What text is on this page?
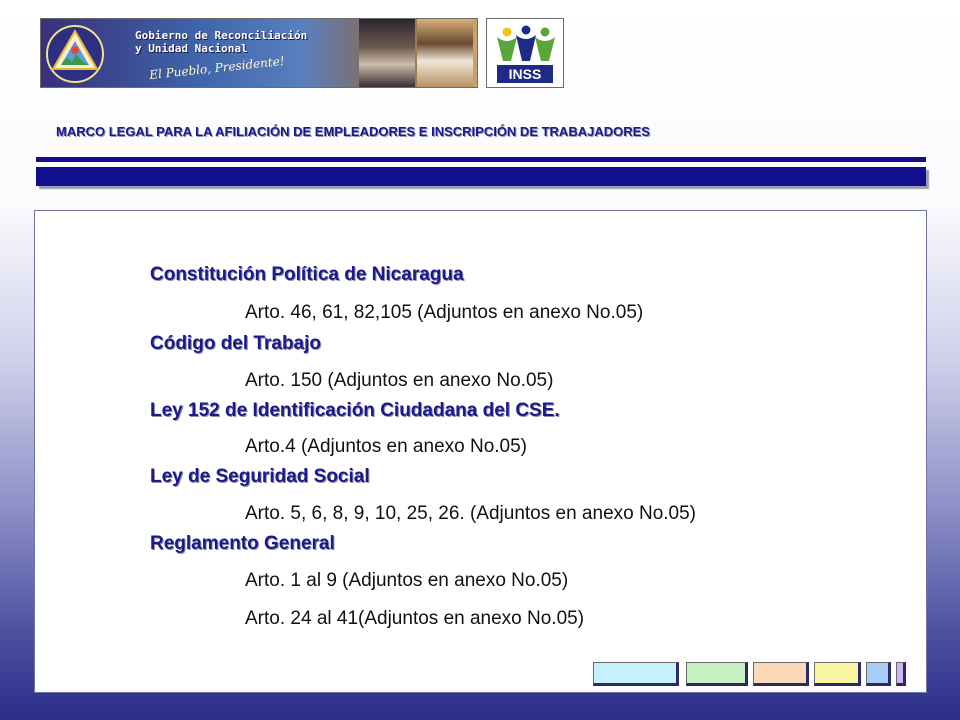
Gobierno de Reconciliación
y Unidad Nacional
El Pueblo, Presidente!	INSS
MARCO LEGAL PARA LA AFILIACIÓN DE EMPLEADORES E INSCRIPCIÓN DE TRABAJADORES
Constitución Política de Nicaragua
Arto. 46, 61, 82,105 (Adjuntos en anexo No.05)
Código del Trabajo
Arto. 150 (Adjuntos en anexo No.05)
Ley 152 de Identificación Ciudadana del CSE.
Arto.4 (Adjuntos en anexo No.05)
Ley de Seguridad Social
Arto. 5, 6, 8, 9, 10, 25, 26. (Adjuntos en anexo No.05)
Reglamento General
Arto. 1 al 9 (Adjuntos en anexo No.05)
Arto. 24 al 41(Adjuntos en anexo No.05)
